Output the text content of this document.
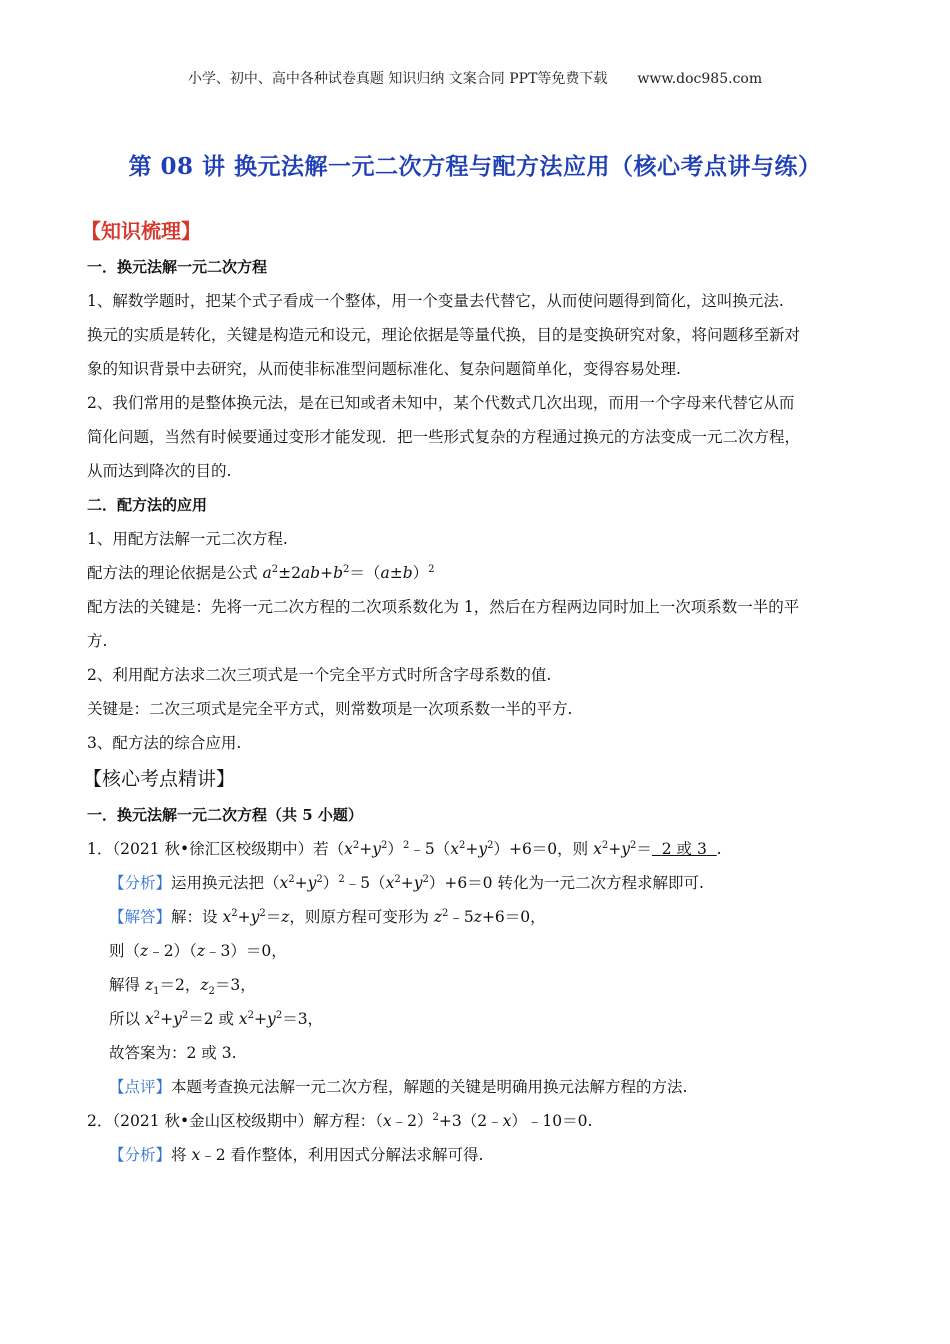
小学、初中、高中各种试卷真题 知识归纳 文案合同 PPT等免费下载 www.doc985.com
第 08 讲 换元法解一元二次方程与配方法应用（核心考点讲与练）
【知识梳理】
一．换元法解一元二次方程
1、解数学题时，把某个式子看成一个整体，用一个变量去代替它，从而使问题得到简化，这叫换元法.
换元的实质是转化，关键是构造元和设元，理论依据是等量代换，目的是变换研究对象，将问题移至新对
象的知识背景中去研究，从而使非标准型问题标准化、复杂问题简单化，变得容易处理.
2、我们常用的是整体换元法，是在已知或者未知中，某个代数式几次出现，而用一个字母来代替它从而
简化问题，当然有时候要通过变形才能发现．把一些形式复杂的方程通过换元的方法变成一元二次方程，
从而达到降次的目的.
二．配方法的应用
1、用配方法解一元二次方程.
配方法的理论依据是公式 $a^2\pm 2ab+b^2=(a\pm b)^2$
配方法的关键是：先将一元二次方程的二次项系数化为 1，然后在方程两边同时加上一次项系数一半的平
方.
2、利用配方法求二次三项式是一个完全平方式时所含字母系数的值.
关键是：二次三项式是完全平方式，则常数项是一次项系数一半的平方.
3、配方法的综合应用.
【核心考点精讲】
一．换元法解一元二次方程（共 5 小题）
1．（2021 秋•徐汇区校级期中）若$(x^2+y^2)^2﹣5(x^2+y^2)+6=0$，则 $x^2+y^2= 2$ 或 3 .
【分析】运用换元法把$(x^2+y^2)^2﹣5(x^2+y^2)+6=0$ 转化为一元二次方程求解即可.
【解答】解：设 $x^2+y^2=z$，则原方程可变形为 $z^2﹣5z+6=0$，
则（z﹣2）（z﹣3）＝0，
解得 $z_1=2$，$z_2=3$，
所以 $x^2+y^2=2$ 或 $x^2+y^2=3$，
故答案为：2 或 3.
【点评】本题考查换元法解一元二次方程，解题的关键是明确用换元法解方程的方法.
2．（2021 秋•金山区校级期中）解方程：（x﹣2）$^2$+3（2﹣x）﹣10＝0.
【分析】将 x﹣2 看作整体，利用因式分解法求解可得.
